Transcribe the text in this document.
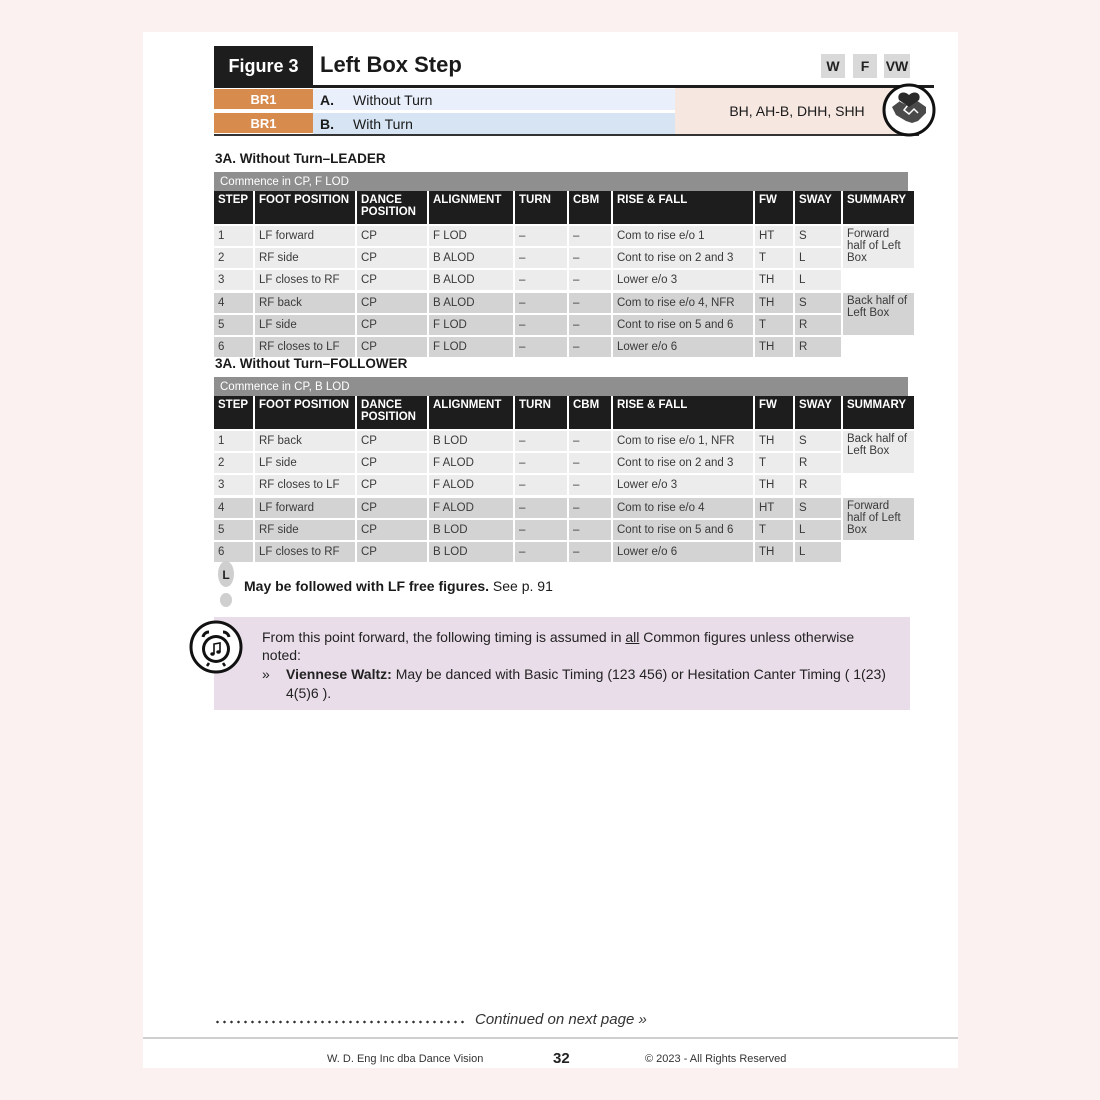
Figure 3 Left Box Step	W	F	VW
BR1	A.	Without Turn
BR1	B.	With Turn
BH, AH-B, DHH, SHH
3A. Without Turn–LEADER
Commence in CP, F LOD
STEP	FOOT POSITION	DANCE POSITION	ALIGNMENT	TURN	CBM	RISE & FALL	FW	SWAY	SUMMARY

1	LF forward	CP	F LOD	–	–	Com to rise e/o 1	HT	S	Forward half of Left Box

2	RF side	CP	B ALOD	–	–	Cont to rise on 2 and 3	T	L	

3	LF closes to RF	CP	B ALOD	–	–	Lower e/o 3	TH	L	

4	RF back	CP	B ALOD	–	–	Com to rise e/o 4, NFR	TH	S	Back half of Left Box

5	LF side	CP	F LOD	–	–	Cont to rise on 5 and 6	T	R	

6	RF closes to LF	CP	F LOD	–	–	Lower e/o 6	TH	R	
3A. Without Turn–FOLLOWER
Commence in CP, B LOD
STEP	FOOT POSITION	DANCE POSITION	ALIGNMENT	TURN	CBM	RISE & FALL	FW	SWAY	SUMMARY

1	RF back	CP	B LOD	–	–	Com to rise e/o 1, NFR	TH	S	Back half of Left Box

2	LF side	CP	F ALOD	–	–	Cont to rise on 2 and 3	T	R	

3	RF closes to LF	CP	F ALOD	–	–	Lower e/o 3	TH	R	

4	LF forward	CP	F ALOD	–	–	Com to rise e/o 4	HT	S	Forward half of Left Box

5	RF side	CP	B LOD	–	–	Cont to rise on 5 and 6	T	L	

6	LF closes to RF	CP	B LOD	–	–	Lower e/o 6	TH	L	
L
May be followed with LF free figures. See p. 91
From this point forward, the following timing is assumed in all Common figures unless otherwise noted:
» Viennese Waltz: May be danced with Basic Timing (123 456) or Hesitation Canter Timing ( 1(23) 4(5)6 ).
Continued on next page »
W. D. Eng Inc dba Dance Vision	32	© 2023 - All Rights Reserved
